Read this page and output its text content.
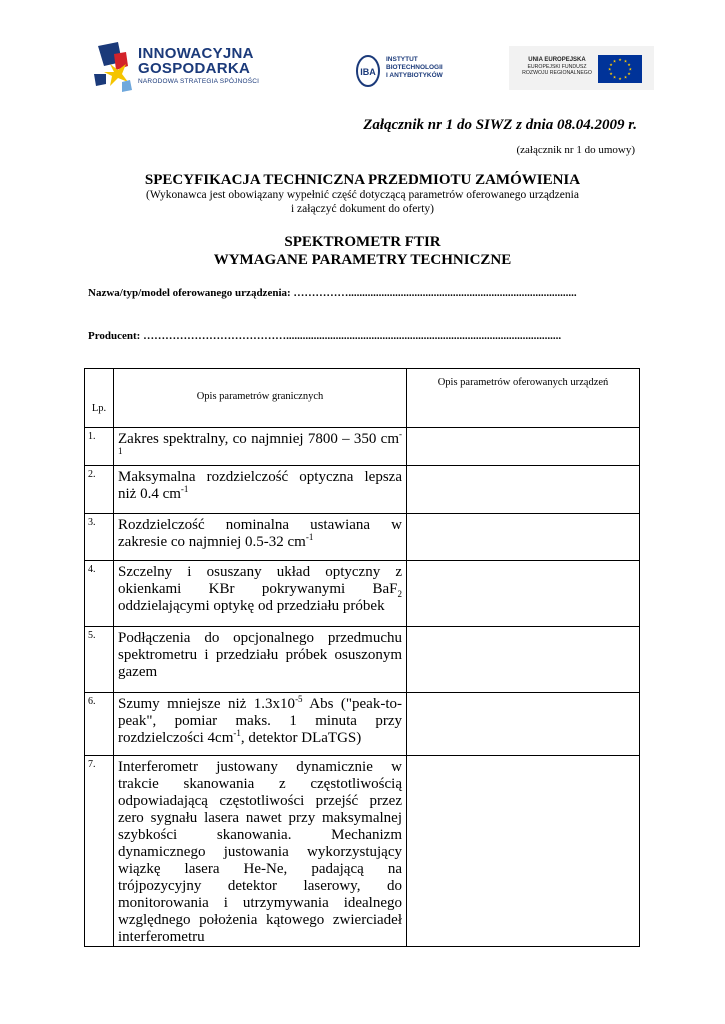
INNOWACYJNA
GOSPODARKA
NARODOWA STRATEGIA SPÓJNOŚCI
IBA
INSTYTUT
BIOTECHNOLOGII
I ANTYBIOTYKÓW
UNIA EUROPEJSKA
EUROPEJSKI FUNDUSZ
ROZWOJU REGIONALNEGO
★ ★
★
★
★
★
★
★
★
★
★
★
Załącznik nr 1 do SIWZ z dnia 08.04.2009 r.
(załącznik nr 1 do umowy)
SPECYFIKACJA TECHNICZNA PRZEDMIOTU ZAMÓWIENIA
(Wykonawca jest obowiązany wypełnić część dotyczącą parametrów oferowanego urządzenia
i załączyć dokument do oferty)
SPEKTROMETR FTIR
WYMAGANE PARAMETRY TECHNICZNE
Nazwa/typ/model oferowanego urządzenia: ……………...................................................................................
Producent: …………………………………....................................................................................................
Lp.	Opis parametrów granicznych	Opis parametrów oferowanych urządzeń

1.	Zakres spektralny, co najmniej 7800 – 350 $cm^{-1}$	
2.	Maksymalna rozdzielczość optyczna lepsza niż 0.4 $cm^{-1}$	
3.	Rozdzielczość nominalna ustawiana w zakresie co najmniej 0.5-32 $cm^{-1}$	
4.	Szczelny i osuszany układ optyczny z okienkami KBr pokrywanymi BaF$_2$ oddzielającymi optykę od przedziału próbek	
5.	Podłączenia do opcjonalnego przedmuchu spektrometru i przedziału próbek osuszonym gazem	
6.	Szumy mniejsze niż $1.3x10^{-5}$ Abs ("peak-to-peak", pomiar maks. 1 minuta przy rozdzielczości $4cm^{-1}$, detektor DLaTGS)	
7.	Interferometr justowany dynamicznie w trakcie skanowania z częstotliwością odpowiadającą częstotliwości przejść przez zero sygnału lasera nawet przy maksymalnej szybkości skanowania. Mechanizm dynamicznego justowania wykorzystujący wiązkę lasera He-Ne, padającą na trójpozycyjny detektor laserowy, do monitorowania i utrzymywania idealnego względnego położenia kątowego zwierciadeł interferometru	
